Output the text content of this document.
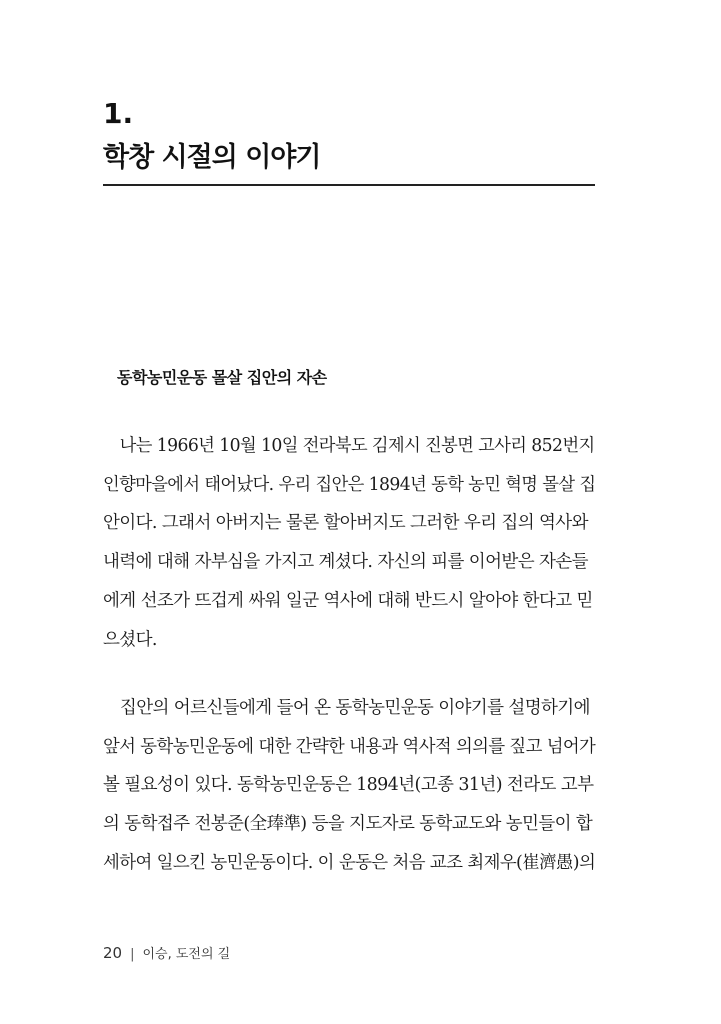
1.
학창 시절의 이야기
동학농민운동 몰살 집안의 자손

　나는 1966년 10월 10일 전라북도 김제시 진봉면 고사리 852번지
인향마을에서 태어났다. 우리 집안은 1894년 동학 농민 혁명 몰살 집
안이다. 그래서 아버지는 물론 할아버지도 그러한 우리 집의 역사와
내력에 대해 자부심을 가지고 계셨다. 자신의 피를 이어받은 자손들
에게 선조가 뜨겁게 싸워 일군 역사에 대해 반드시 알아야 한다고 믿
으셨다.

　집안의 어르신들에게 들어 온 동학농민운동 이야기를 설명하기에
앞서 동학농민운동에 대한 간략한 내용과 역사적 의의를 짚고 넘어가
볼 필요성이 있다. 동학농민운동은 1894년(고종 31년) 전라도 고부
의 동학접주 전봉준(全琫準) 등을 지도자로 동학교도와 농민들이 합
세하여 일으킨 농민운동이다. 이 운동은 처음 교조 최제우(崔濟愚)의

20 | 이승, 도전의 길
